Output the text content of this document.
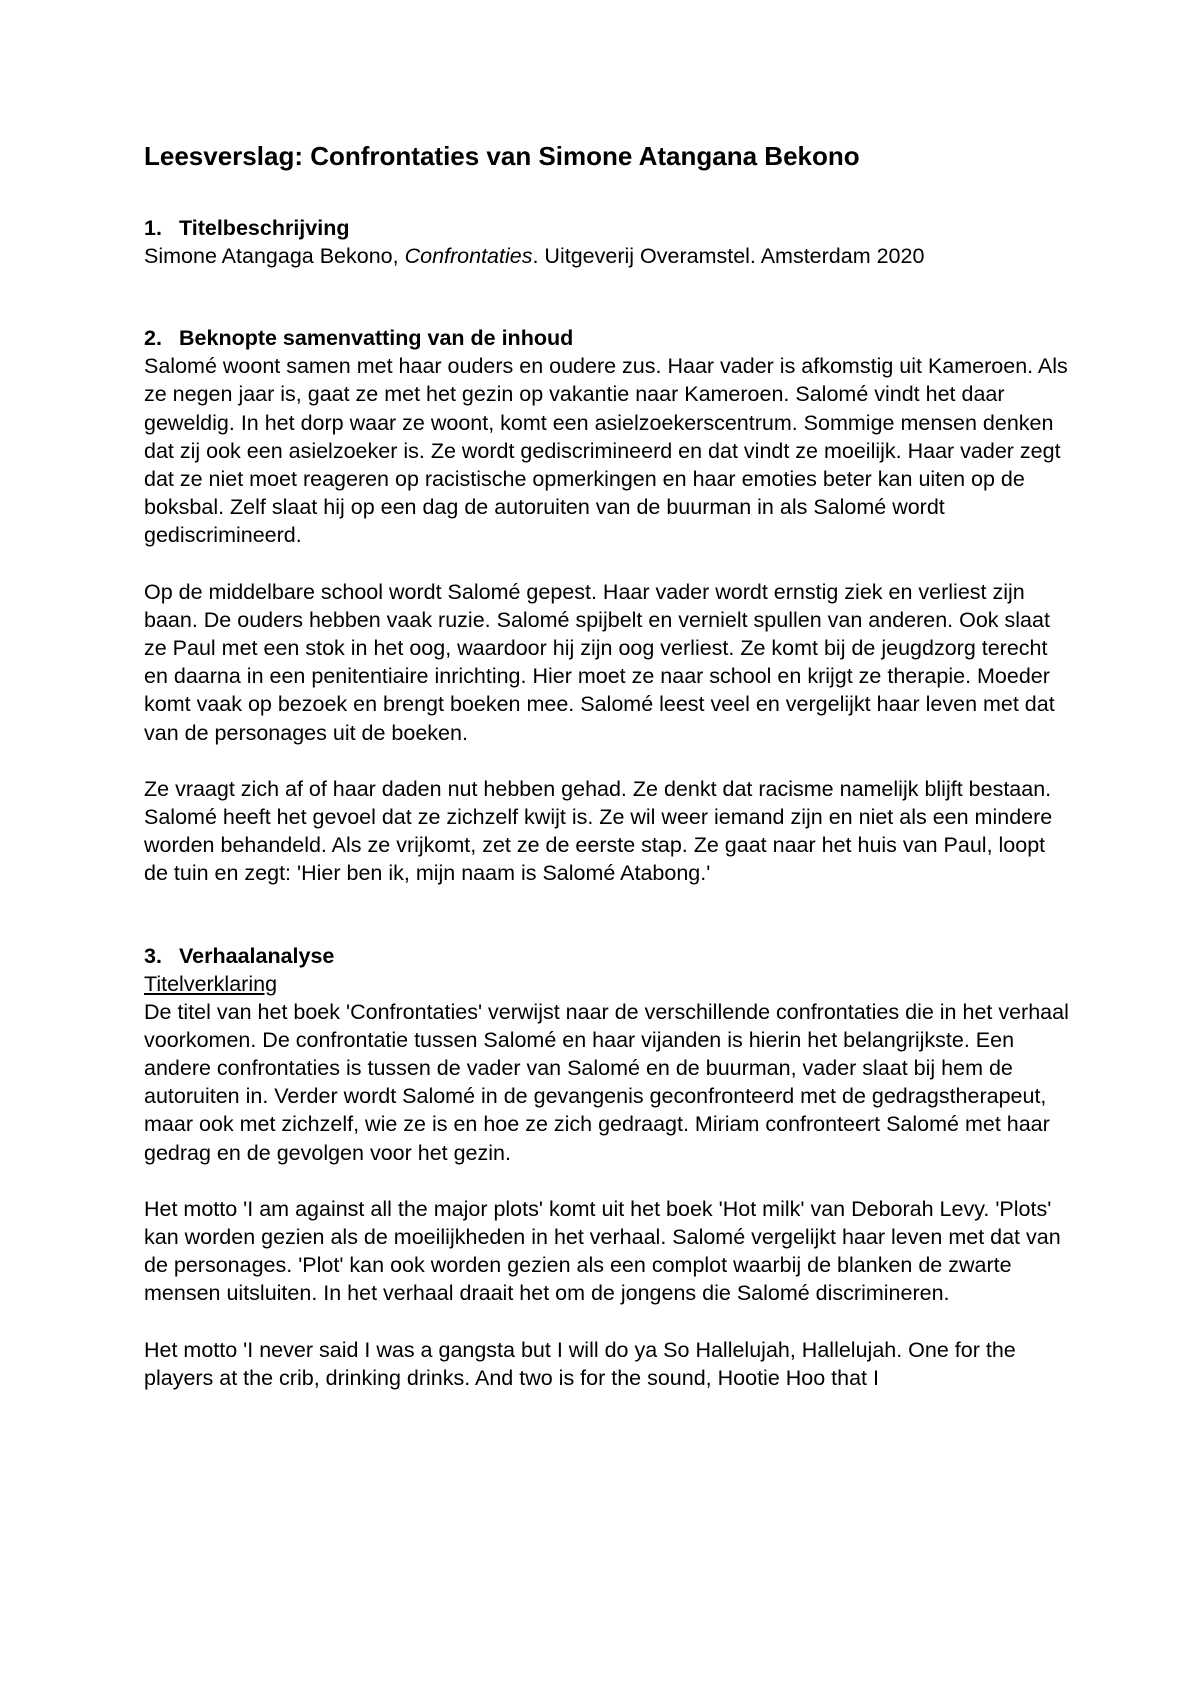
Leesverslag: Confrontaties van Simone Atangana Bekono

1. Titelbeschrijving

Simone Atangaga Bekono, Confrontaties. Uitgeverij Overamstel. Amsterdam 2020

2. Beknopte samenvatting van de inhoud

Salomé woont samen met haar ouders en oudere zus. Haar vader is afkomstig uit Kameroen. Als ze negen jaar is, gaat ze met het gezin op vakantie naar Kameroen. Salomé vindt het daar geweldig. In het dorp waar ze woont, komt een asielzoekerscentrum. Sommige mensen denken dat zij ook een asielzoeker is. Ze wordt gediscrimineerd en dat vindt ze moeilijk. Haar vader zegt dat ze niet moet reageren op racistische opmerkingen en haar emoties beter kan uiten op de boksbal. Zelf slaat hij op een dag de autoruiten van de buurman in als Salomé wordt gediscrimineerd.

Op de middelbare school wordt Salomé gepest. Haar vader wordt ernstig ziek en verliest zijn baan. De ouders hebben vaak ruzie. Salomé spijbelt en vernielt spullen van anderen. Ook slaat ze Paul met een stok in het oog, waardoor hij zijn oog verliest. Ze komt bij de jeugdzorg terecht en daarna in een penitentiaire inrichting. Hier moet ze naar school en krijgt ze therapie. Moeder komt vaak op bezoek en brengt boeken mee. Salomé leest veel en vergelijkt haar leven met dat van de personages uit de boeken.

Ze vraagt zich af of haar daden nut hebben gehad. Ze denkt dat racisme namelijk blijft bestaan. Salomé heeft het gevoel dat ze zichzelf kwijt is. Ze wil weer iemand zijn en niet als een mindere worden behandeld. Als ze vrijkomt, zet ze de eerste stap. Ze gaat naar het huis van Paul, loopt de tuin en zegt: 'Hier ben ik, mijn naam is Salomé Atabong.'

3. Verhaalanalyse

Titelverklaring

De titel van het boek 'Confrontaties' verwijst naar de verschillende confrontaties die in het verhaal voorkomen. De confrontatie tussen Salomé en haar vijanden is hierin het belangrijkste. Een andere confrontaties is tussen de vader van Salomé en de buurman, vader slaat bij hem de autoruiten in. Verder wordt Salomé in de gevangenis geconfronteerd met de gedragstherapeut, maar ook met zichzelf, wie ze is en hoe ze zich gedraagt. Miriam confronteert Salomé met haar gedrag en de gevolgen voor het gezin.

Het motto 'I am against all the major plots' komt uit het boek 'Hot milk' van Deborah Levy. 'Plots' kan worden gezien als de moeilijkheden in het verhaal. Salomé vergelijkt haar leven met dat van de personages. 'Plot' kan ook worden gezien als een complot waarbij de blanken de zwarte mensen uitsluiten. In het verhaal draait het om de jongens die Salomé discrimineren.

Het motto 'I never said I was a gangsta but I will do ya So Hallelujah, Hallelujah. One for the players at the crib, drinking drinks. And two is for the sound, Hootie Hoo that I
